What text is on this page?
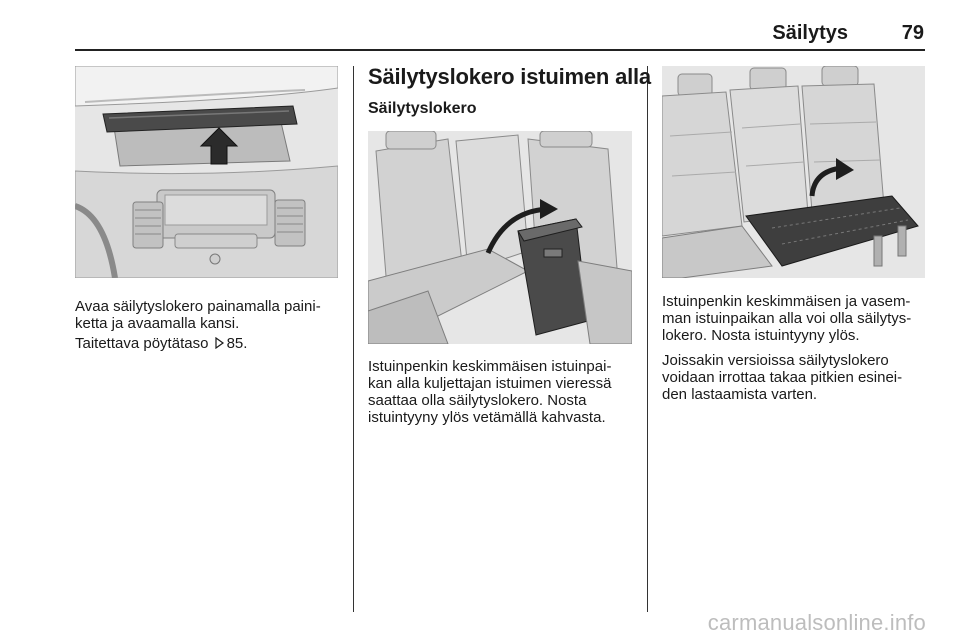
Säilytys	79

Avaa säilytyslokero painamalla paini-
ketta ja avaamalla kansi.

Taitettava pöytätaso 85.

Säilytyslokero istuimen alla
Säilytyslokero

Istuinpenkin keskimmäisen istuinpai-
kan alla kuljettajan istuimen vieressä
saattaa olla säilytyslokero. Nosta
istuintyyny ylös vetämällä kahvasta.

Istuinpenkin keskimmäisen ja vasem-
man istuinpaikan alla voi olla säilytys-
lokero. Nosta istuintyyny ylös.

Joissakin versioissa säilytyslokero
voidaan irrottaa takaa pitkien esinei-
den lastaamista varten.

carmanualsonline.info
